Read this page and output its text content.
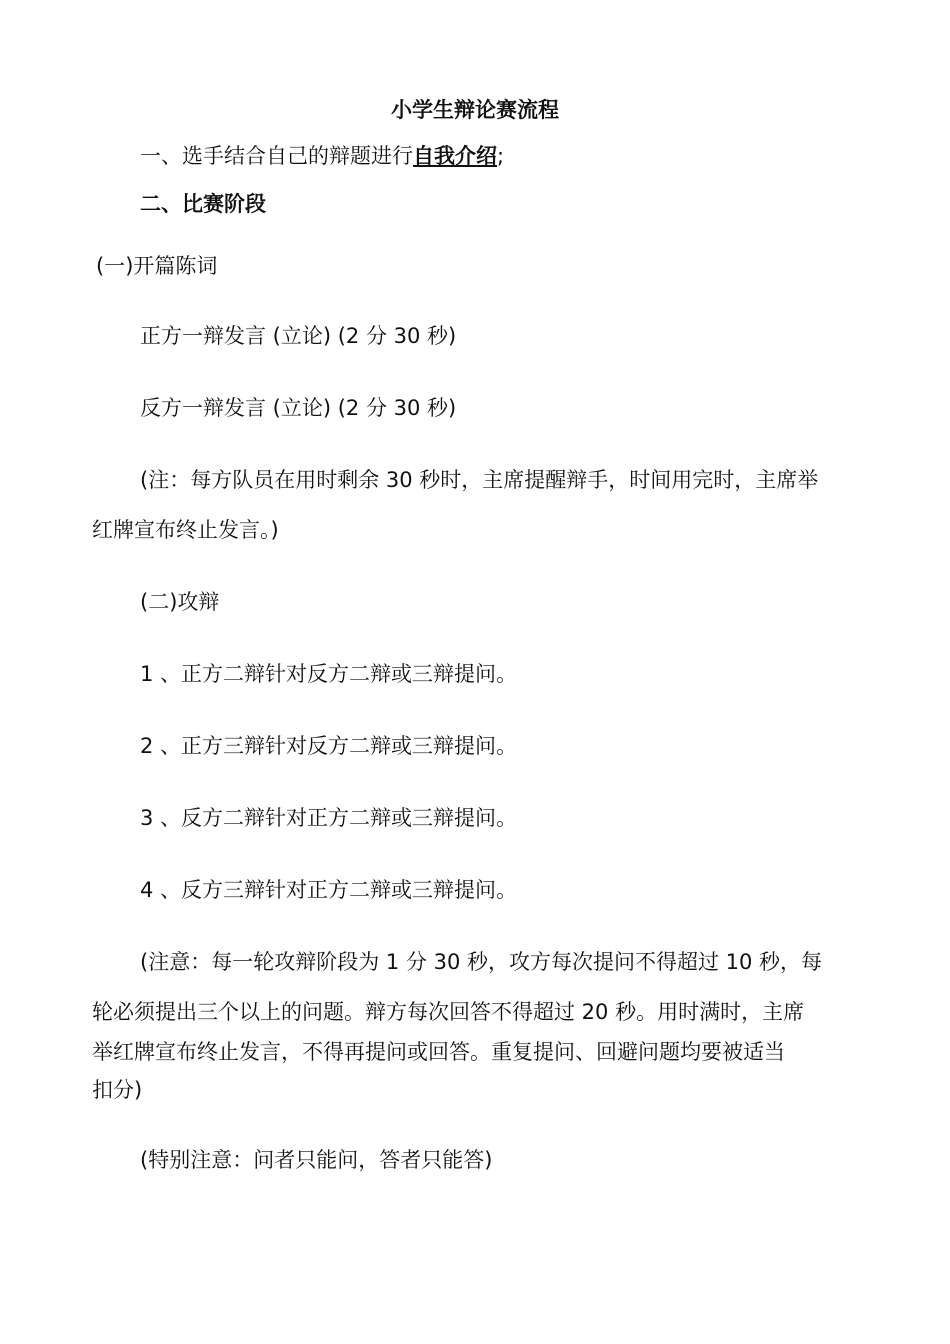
小学生辩论赛流程
一、选手结合自己的辩题进行自我介绍;
二、比赛阶段
(一)开篇陈词
正方一辩发言 (立论) (2 分 30 秒)
反方一辩发言 (立论) (2 分 30 秒)
(注：每方队员在用时剩余 30 秒时，主席提醒辩手，时间用完时，主席举
红牌宣布终止发言。)
(二)攻辩
1 、正方二辩针对反方二辩或三辩提问。
2 、正方三辩针对反方二辩或三辩提问。
3 、反方二辩针对正方二辩或三辩提问。
4 、反方三辩针对正方二辩或三辩提问。
(注意：每一轮攻辩阶段为 1 分 30 秒，攻方每次提问不得超过 10 秒，每
轮必须提出三个以上的问题。辩方每次回答不得超过 20 秒。用时满时，主席
举红牌宣布终止发言，不得再提问或回答。重复提问、回避问题均要被适当
扣分)
(特别注意：问者只能问，答者只能答)
